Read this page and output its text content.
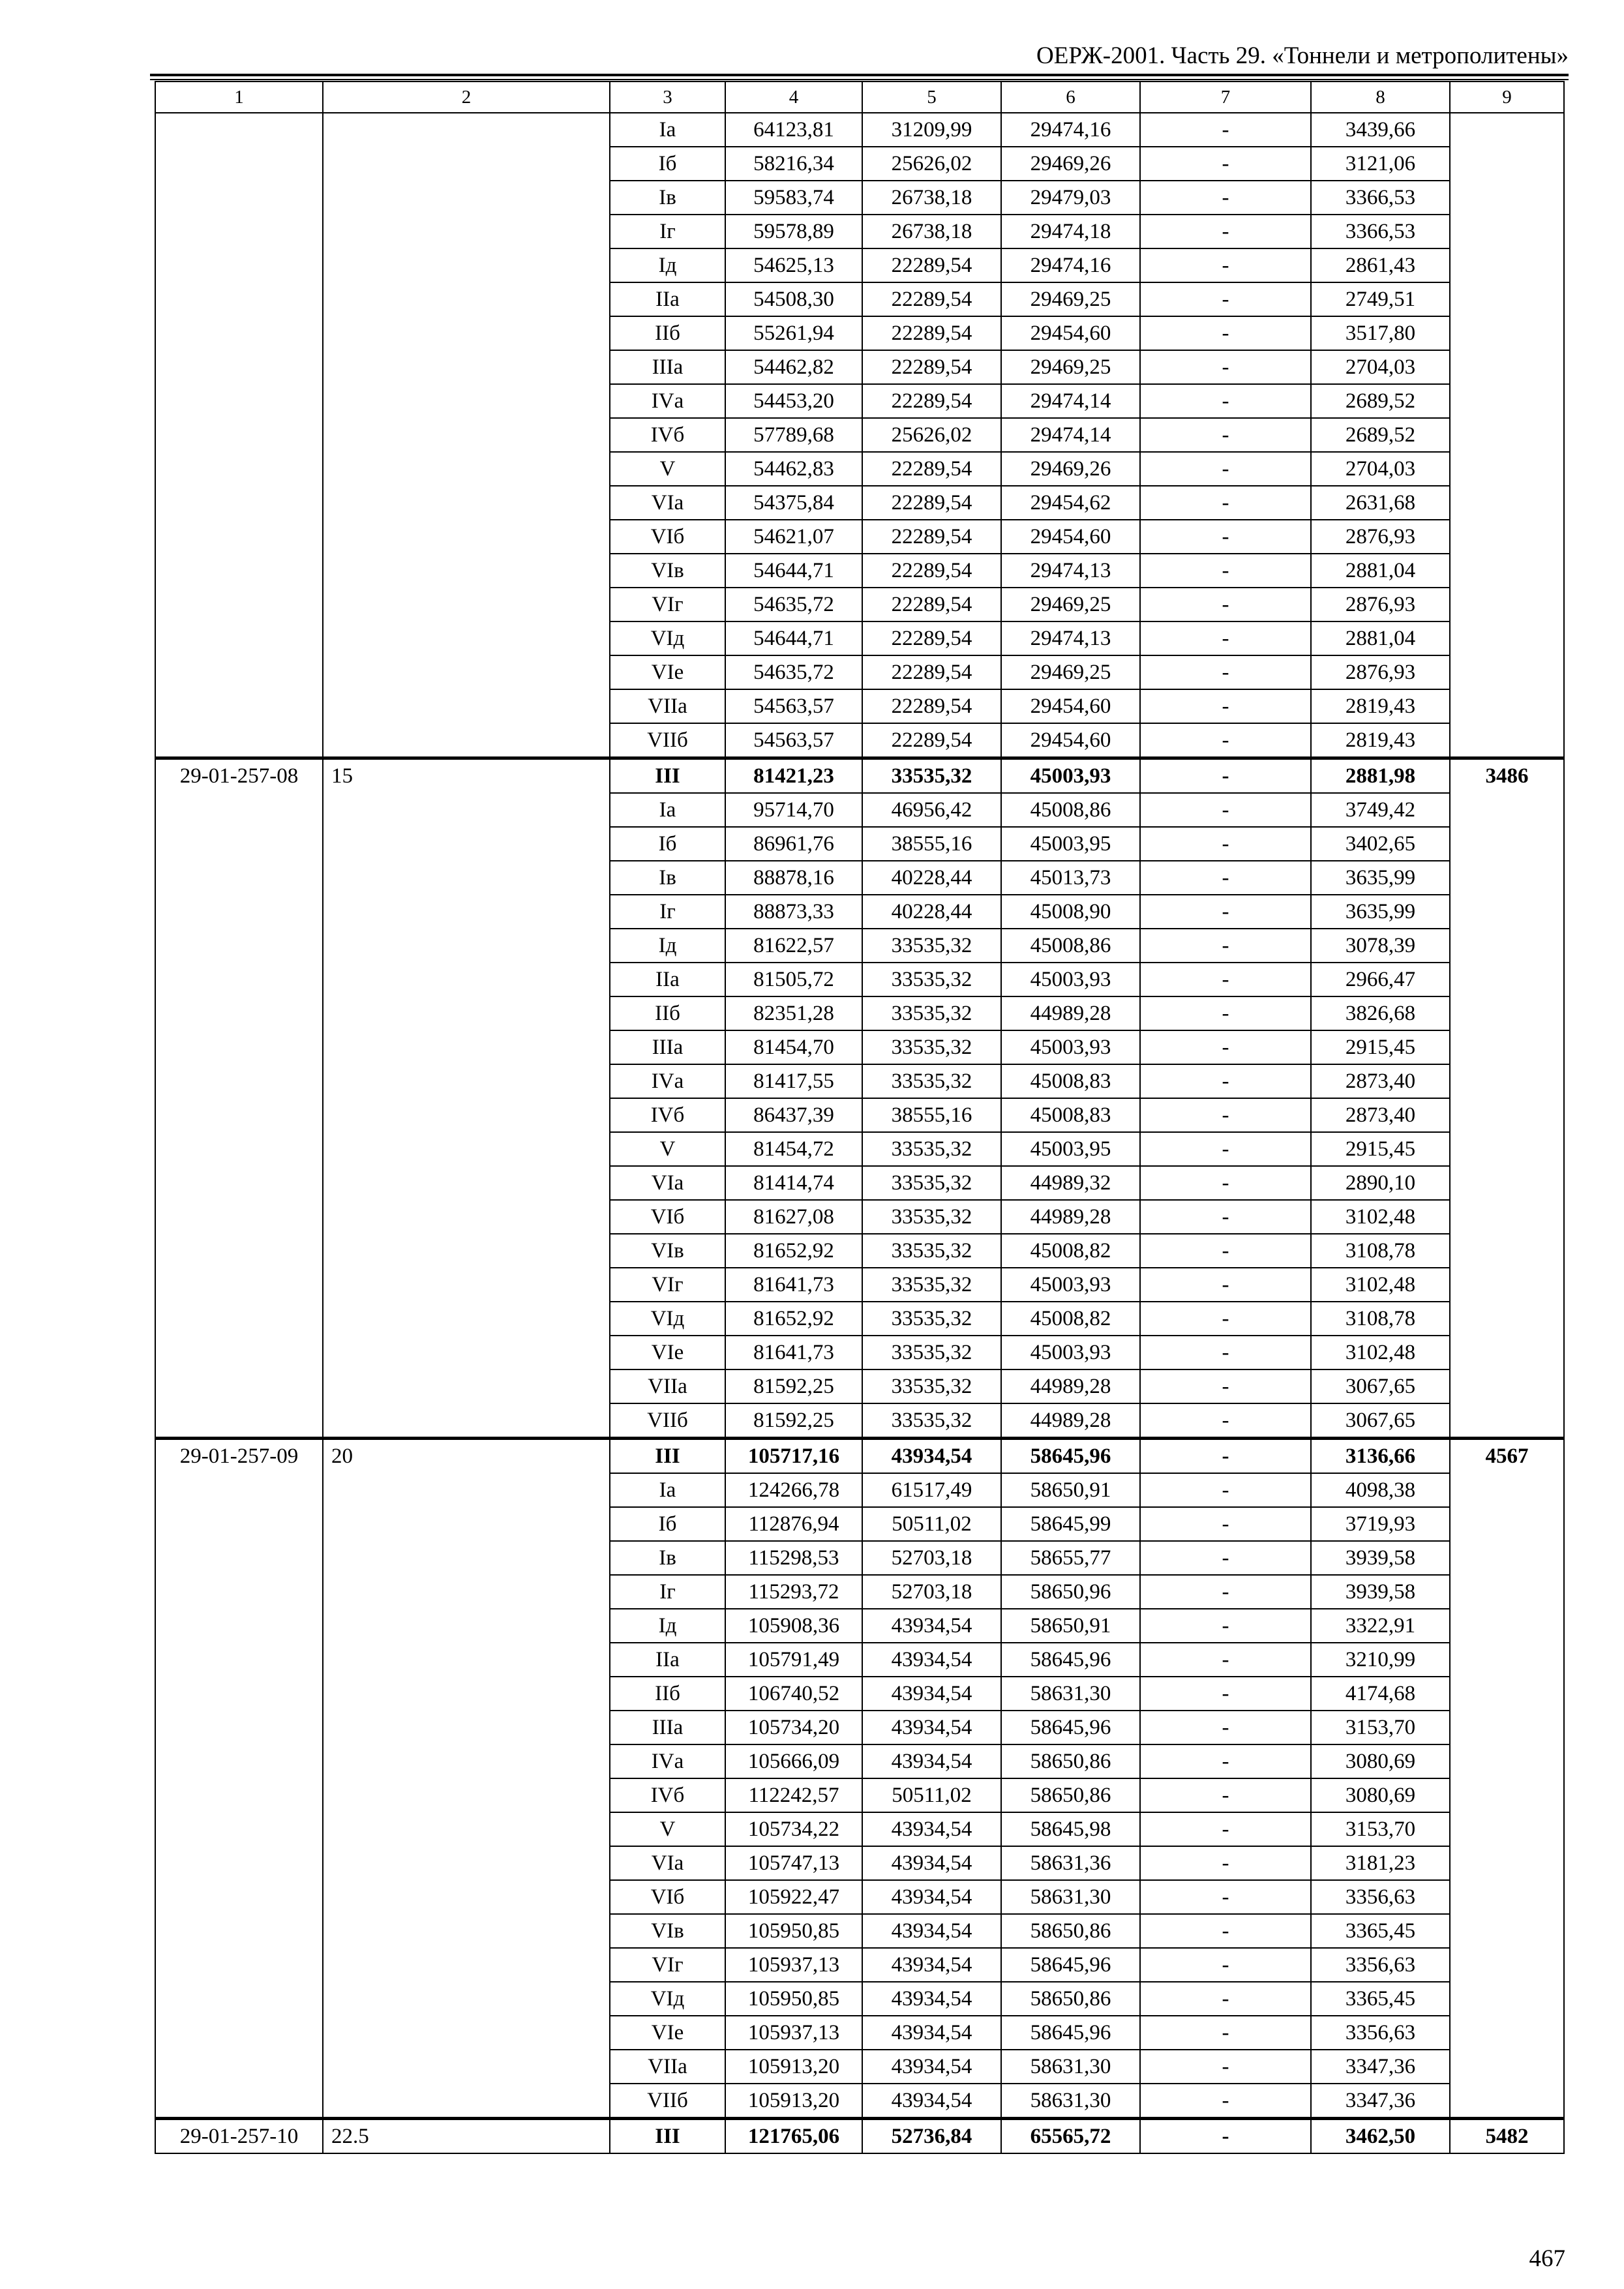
ОЕРЖ-2001. Часть 29. «Тоннели и метрополитены»
1	2	3	4	5	6	7	8	9
		Iа	64123,81	31209,99	29474,16	-	3439,66	
		Iб	58216,34	25626,02	29469,26	-	3121,06	
		Iв	59583,74	26738,18	29479,03	-	3366,53	
		Iг	59578,89	26738,18	29474,18	-	3366,53	
		Iд	54625,13	22289,54	29474,16	-	2861,43	
		IIа	54508,30	22289,54	29469,25	-	2749,51	
		IIб	55261,94	22289,54	29454,60	-	3517,80	
		IIIа	54462,82	22289,54	29469,25	-	2704,03	
		IVа	54453,20	22289,54	29474,14	-	2689,52	
		IVб	57789,68	25626,02	29474,14	-	2689,52	
		V	54462,83	22289,54	29469,26	-	2704,03	
		VIа	54375,84	22289,54	29454,62	-	2631,68	
		VIб	54621,07	22289,54	29454,60	-	2876,93	
		VIв	54644,71	22289,54	29474,13	-	2881,04	
		VIг	54635,72	22289,54	29469,25	-	2876,93	
		VIд	54644,71	22289,54	29474,13	-	2881,04	
		VIе	54635,72	22289,54	29469,25	-	2876,93	
		VIIа	54563,57	22289,54	29454,60	-	2819,43	
		VIIб	54563,57	22289,54	29454,60	-	2819,43	
29-01-257-08	15	III	81421,23	33535,32	45003,93	-	2881,98	3486
		Iа	95714,70	46956,42	45008,86	-	3749,42	
		Iб	86961,76	38555,16	45003,95	-	3402,65	
		Iв	88878,16	40228,44	45013,73	-	3635,99	
		Iг	88873,33	40228,44	45008,90	-	3635,99	
		Iд	81622,57	33535,32	45008,86	-	3078,39	
		IIа	81505,72	33535,32	45003,93	-	2966,47	
		IIб	82351,28	33535,32	44989,28	-	3826,68	
		IIIа	81454,70	33535,32	45003,93	-	2915,45	
		IVа	81417,55	33535,32	45008,83	-	2873,40	
		IVб	86437,39	38555,16	45008,83	-	2873,40	
		V	81454,72	33535,32	45003,95	-	2915,45	
		VIа	81414,74	33535,32	44989,32	-	2890,10	
		VIб	81627,08	33535,32	44989,28	-	3102,48	
		VIв	81652,92	33535,32	45008,82	-	3108,78	
		VIг	81641,73	33535,32	45003,93	-	3102,48	
		VIд	81652,92	33535,32	45008,82	-	3108,78	
		VIе	81641,73	33535,32	45003,93	-	3102,48	
		VIIа	81592,25	33535,32	44989,28	-	3067,65	
		VIIб	81592,25	33535,32	44989,28	-	3067,65	
29-01-257-09	20	III	105717,16	43934,54	58645,96	-	3136,66	4567
		Iа	124266,78	61517,49	58650,91	-	4098,38	
		Iб	112876,94	50511,02	58645,99	-	3719,93	
		Iв	115298,53	52703,18	58655,77	-	3939,58	
		Iг	115293,72	52703,18	58650,96	-	3939,58	
		Iд	105908,36	43934,54	58650,91	-	3322,91	
		IIа	105791,49	43934,54	58645,96	-	3210,99	
		IIб	106740,52	43934,54	58631,30	-	4174,68	
		IIIа	105734,20	43934,54	58645,96	-	3153,70	
		IVа	105666,09	43934,54	58650,86	-	3080,69	
		IVб	112242,57	50511,02	58650,86	-	3080,69	
		V	105734,22	43934,54	58645,98	-	3153,70	
		VIа	105747,13	43934,54	58631,36	-	3181,23	
		VIб	105922,47	43934,54	58631,30	-	3356,63	
		VIв	105950,85	43934,54	58650,86	-	3365,45	
		VIг	105937,13	43934,54	58645,96	-	3356,63	
		VIд	105950,85	43934,54	58650,86	-	3365,45	
		VIе	105937,13	43934,54	58645,96	-	3356,63	
		VIIа	105913,20	43934,54	58631,30	-	3347,36	
		VIIб	105913,20	43934,54	58631,30	-	3347,36	
29-01-257-10	22.5	III	121765,06	52736,84	65565,72	-	3462,50	5482
467
